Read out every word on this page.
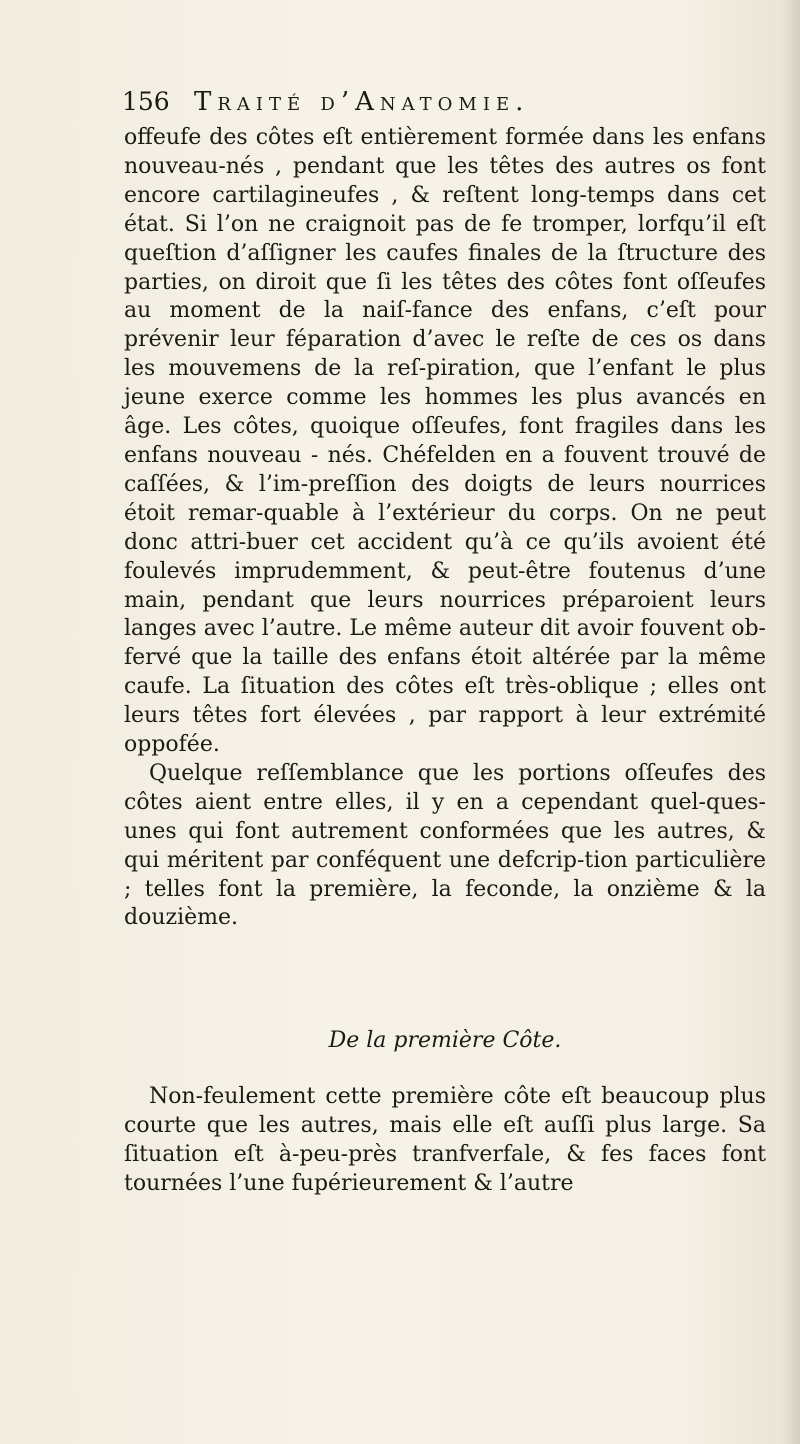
156 Traité d’Anatomie.

offeufe des côtes eſt entièrement formée dans les enfans nouveau-nés , pendant que les têtes des autres os font encore cartilagineufes , & reſtent long-temps dans cet état. Si l’on ne craignoit pas de fe tromper, lorfqu’il eſt queſtion d’aſſigner les caufes finales de la ſtructure des parties, on diroit que ſi les têtes des côtes font oſſeufes au moment de la naiſ-fance des enfans, c’eſt pour prévenir leur féparation d’avec le reſte de ces os dans les mouvemens de la reſ-piration, que l’enfant le plus jeune exerce comme les hommes les plus avancés en âge. Les côtes, quoique oſſeufes, font fragiles dans les enfans nouveau - nés. Chéfelden en a fouvent trouvé de caſſées, & l’im-preſſion des doigts de leurs nourrices étoit remar-quable à l’extérieur du corps. On ne peut donc attri-buer cet accident qu’à ce qu’ils avoient été foulevés imprudemment, & peut-être foutenus d’une main, pendant que leurs nourrices préparoient leurs langes avec l’autre. Le même auteur dit avoir fouvent ob-fervé que la taille des enfans étoit altérée par la même caufe. La ſituation des côtes eſt très-oblique ; elles ont leurs têtes fort élevées , par rapport à leur extrémité oppofée.

Quelque reſſemblance que les portions oſſeufes des côtes aient entre elles, il y en a cependant quel-ques-unes qui font autrement conformées que les autres, & qui méritent par conféquent une defcrip-tion particulière ; telles font la première, la feconde, la onzième & la douzième.

De la première Côte.

Non-feulement cette première côte eſt beaucoup plus courte que les autres, mais elle eſt auſſi plus large. Sa ſituation eſt à-peu-près tranfverfale, & fes faces font tournées l’une fupérieurement & l’autre
